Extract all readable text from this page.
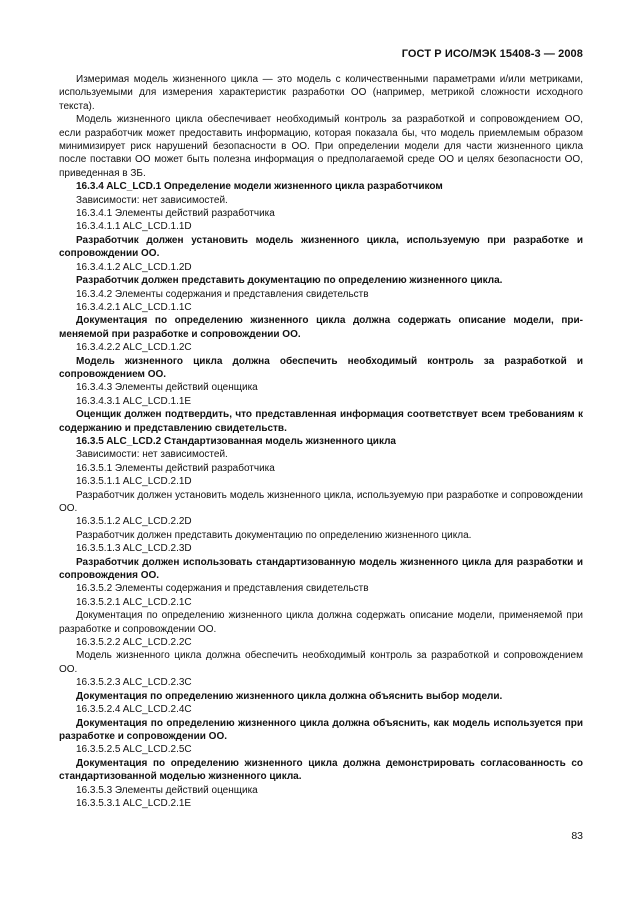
ГОСТ Р ИСО/МЭК 15408-3 — 2008

Измеримая модель жизненного цикла — это модель с количественными параметрами и/или метриками, используемыми для измерения характеристик разработки ОО (например, метрикой сложности исходного текста).

Модель жизненного цикла обеспечивает необходимый контроль за разработкой и сопровождением ОО, если разработчик может предоставить информацию, которая показала бы, что модель приемлемым образом минимизирует риск нарушений безопасности в ОО. При определении модели для части жизненного цикла после поставки ОО может быть полезна информация о предполагаемой среде ОО и целях безопасности ОО, приведенная в ЗБ.

16.3.4 ALC_LCD.1 Определение модели жизненного цикла разработчиком

Зависимости: нет зависимостей.

16.3.4.1 Элементы действий разработчика

16.3.4.1.1 ALC_LCD.1.1D

Разработчик должен установить модель жизненного цикла, используемую при разработке и сопровождении ОО.

16.3.4.1.2 ALC_LCD.1.2D

Разработчик должен представить документацию по определению жизненного цикла.

16.3.4.2 Элементы содержания и представления свидетельств

16.3.4.2.1 ALC_LCD.1.1C

Документация по определению жизненного цикла должна содержать описание модели, применяемой при разработке и сопровождении ОО.

16.3.4.2.2 ALC_LCD.1.2C

Модель жизненного цикла должна обеспечить необходимый контроль за разработкой и сопровождением ОО.

16.3.4.3 Элементы действий оценщика

16.3.4.3.1 ALC_LCD.1.1E

Оценщик должен подтвердить, что представленная информация соответствует всем требованиям к содержанию и представлению свидетельств.

16.3.5 ALC_LCD.2 Стандартизованная модель жизненного цикла

Зависимости: нет зависимостей.

16.3.5.1 Элементы действий разработчика

16.3.5.1.1 ALC_LCD.2.1D

Разработчик должен установить модель жизненного цикла, используемую при разработке и сопровождении ОО.

16.3.5.1.2 ALC_LCD.2.2D

Разработчик должен представить документацию по определению жизненного цикла.

16.3.5.1.3 ALC_LCD.2.3D

Разработчик должен использовать стандартизованную модель жизненного цикла для разработки и сопровождения ОО.

16.3.5.2 Элементы содержания и представления свидетельств

16.3.5.2.1 ALC_LCD.2.1C

Документация по определению жизненного цикла должна содержать описание модели, применяемой при разработке и сопровождении ОО.

16.3.5.2.2 ALC_LCD.2.2C

Модель жизненного цикла должна обеспечить необходимый контроль за разработкой и сопровождением ОО.

16.3.5.2.3 ALC_LCD.2.3C

Документация по определению жизненного цикла должна объяснить выбор модели.

16.3.5.2.4 ALC_LCD.2.4C

Документация по определению жизненного цикла должна объяснить, как модель используется при разработке и сопровождении ОО.

16.3.5.2.5 ALC_LCD.2.5C

Документация по определению жизненного цикла должна демонстрировать согласованность со стандартизованной моделью жизненного цикла.

16.3.5.3 Элементы действий оценщика

16.3.5.3.1 ALC_LCD.2.1E

83
